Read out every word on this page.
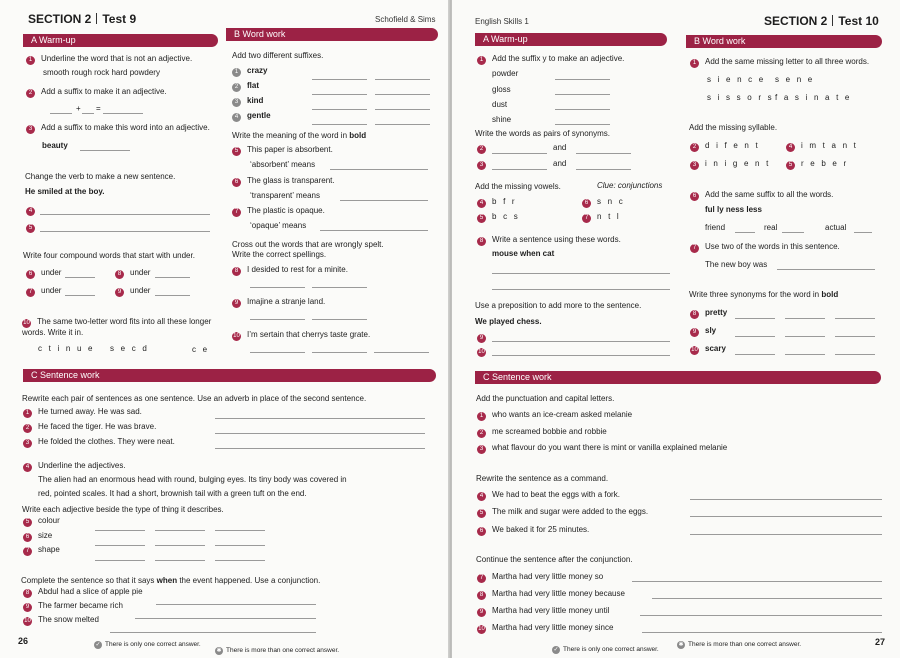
SECTION 2 Test 9	Schofield & Sims
A Warm-up
1 Underline the word that is not an adjective.
smooth rough rock hard powdery
2 Add a suffix to make it an adjective.
+ =
3 Add a suffix to make this word into an adjective.
beauty
Change the verb to make a new sentence.
He smiled at the boy.
4
5
Write four compound words that start with under.
6 under	8 under
7 under	9 under
10 The same two-letter word fits into all these longer words. Write it in.
c t i n u e s e c d	c e
B Word work
Add two different suffixes.
1 crazy
2 flat
3 kind
4 gentle
Write the meaning of the word in bold
5 This paper is absorbent.
‘absorbent’ means
6 The glass is transparent.
‘transparent’ means
7 The plastic is opaque.
‘opaque’ means
Cross out the words that are wrongly spelt.
Write the correct spellings.
8 I desided to rest for a minite.
9 Imajine a stranje land.
10 I’m sertain that cherrys taste grate.
C Sentence work
Rewrite each pair of sentences as one sentence. Use an adverb in place of the second sentence.
1 He turned away. He was sad.
2 He faced the tiger. He was brave.
3 He folded the clothes. They were neat.
4 Underline the adjectives.
The alien had an enormous head with round, bulging eyes. Its tiny body was covered in
red, pointed scales. It had a short, brownish tail with a green tuft on the end.
Write each adjective beside the type of thing it describes.
5 colour
6 size
7 shape
Complete the sentence so that it says when the event happened. Use a conjunction.
8 Abdul had a slice of apple pie
9 The farmer became rich
10 The snow melted
26	✓ There is only one correct answer.
✱ There is more than one correct answer.
English Skills 1	SECTION 2 Test 10
A Warm-up
1 Add the suffix y to make an adjective.
powder
gloss
dust
shine
Write the words as pairs of synonyms.
2	and
3	and
Add the missing vowels.	Clue: conjunctions
4 b f r	6 s n c
5 b c s	7 n t l
8 Write a sentence using these words.
mouse when cat
Use a preposition to add more to the sentence.
We played chess.
9
10
B Word work
1 Add the same missing letter to all three words.
s i e n c e s e n e
s i s s o r s f a s i n a t e
Add the missing syllable.
2 d i f e n t	4 i m t a n t
3 i n i g e n t	5 r e b e r
6 Add the same suffix to all the words.
ful ly ness less
friend	real	actual
7 Use two of the words in this sentence.
The new boy was
Write three synonyms for the word in bold
8 pretty
9 sly
10 scary
C Sentence work
Add the punctuation and capital letters.
1 who wants an ice-cream asked melanie
2 me screamed bobbie and robbie
3 what flavour do you want there is mint or vanilla explained melanie
Rewrite the sentence as a command.
4 We had to beat the eggs with a fork.
5 The milk and sugar were added to the eggs.
6 We baked it for 25 minutes.
Continue the sentence after the conjunction.
7 Martha had very little money so
8 Martha had very little money because
9 Martha had very little money until
10 Martha had very little money since
✓ There is only one correct answer.
✱ There is more than one correct answer.	27
